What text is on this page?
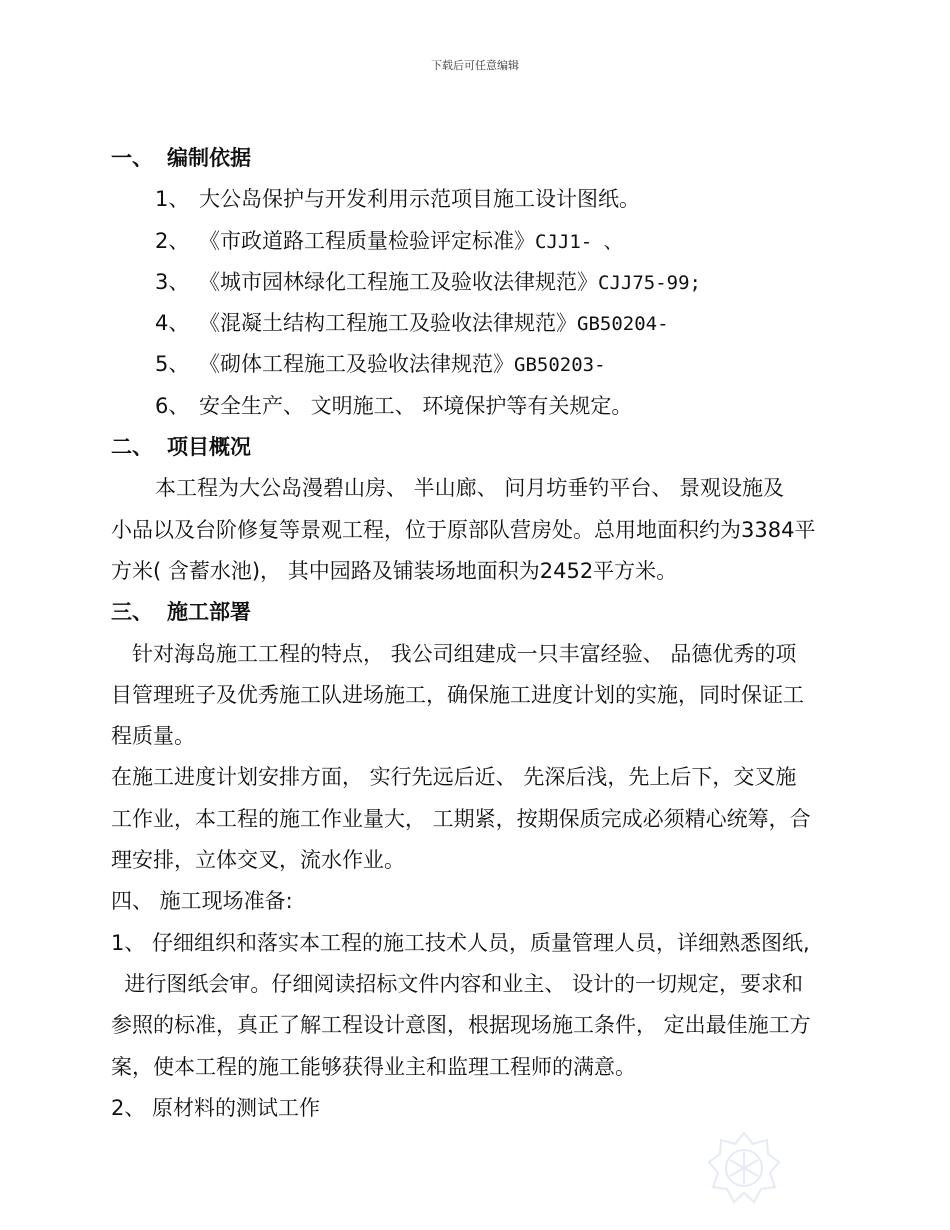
下载后可任意编辑
一、 编制依据
1、 大公岛保护与开发利用示范项目施工设计图纸。
2、 《市政道路工程质量检验评定标准》CJJ1- 、
3、 《城市园林绿化工程施工及验收法律规范》CJJ75-99;
4、 《混凝土结构工程施工及验收法律规范》GB50204-
5、 《砌体工程施工及验收法律规范》GB50203-
6、 安全生产、 文明施工、 环境保护等有关规定。
二、 项目概况
本工程为大公岛漫碧山房、 半山廊、 问月坊垂钓平台、 景观设施及
小品以及台阶修复等景观工程，位于原部队营房处。总用地面积约为3384平
方米( 含蓄水池)， 其中园路及铺装场地面积为2452平方米。
三、 施工部署
针对海岛施工工程的特点， 我公司组建成一只丰富经验、 品德优秀的项
目管理班子及优秀施工队进场施工，确保施工进度计划的实施，同时保证工
程质量。
在施工进度计划安排方面， 实行先远后近、 先深后浅，先上后下，交叉施
工作业，本工程的施工作业量大， 工期紧，按期保质完成必须精心统筹，合
理安排，立体交叉，流水作业。
四、 施工现场准备:
1、 仔细组织和落实本工程的施工技术人员，质量管理人员，详细熟悉图纸,
进行图纸会审。仔细阅读招标文件内容和业主、 设计的一切规定，要求和
参照的标准，真正了解工程设计意图，根据现场施工条件， 定出最佳施工方
案，使本工程的施工能够获得业主和监理工程师的满意。
2、 原材料的测试工作
